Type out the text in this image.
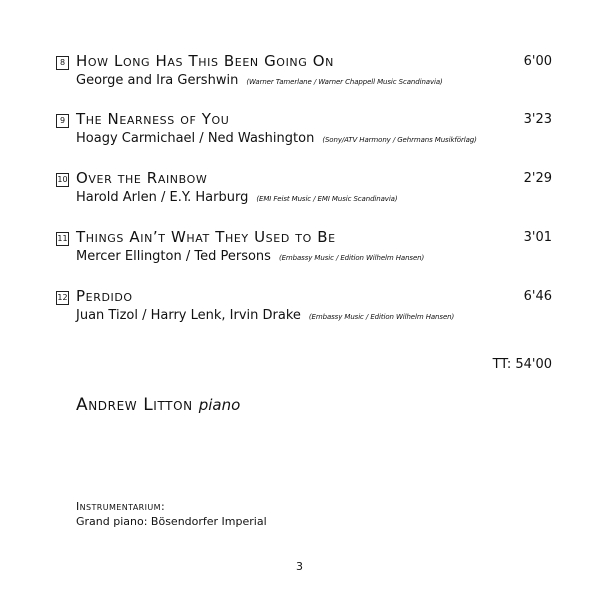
8 How Long Has This Been Going On	6'00
George and Ira Gershwin (Warner Tamerlane / Warner Chappell Music Scandinavia)
9 The Nearness of You	3'23
Hoagy Carmichael / Ned Washington (Sony/ATV Harmony / Gehrmans Musikförlag)
10 Over the Rainbow	2'29
Harold Arlen / E.Y. Harburg (EMI Feist Music / EMI Music Scandinavia)
11 Things Ain’t What They Used to Be	3'01
Mercer Ellington / Ted Persons (Embassy Music / Edition Wilhelm Hansen)
12 Perdido	6'46
Juan Tizol / Harry Lenk, Irvin Drake (Embassy Music / Edition Wilhelm Hansen)
TT: 54'00
Andrew Litton piano
Instrumentarium:
Grand piano: Bösendorfer Imperial
3
